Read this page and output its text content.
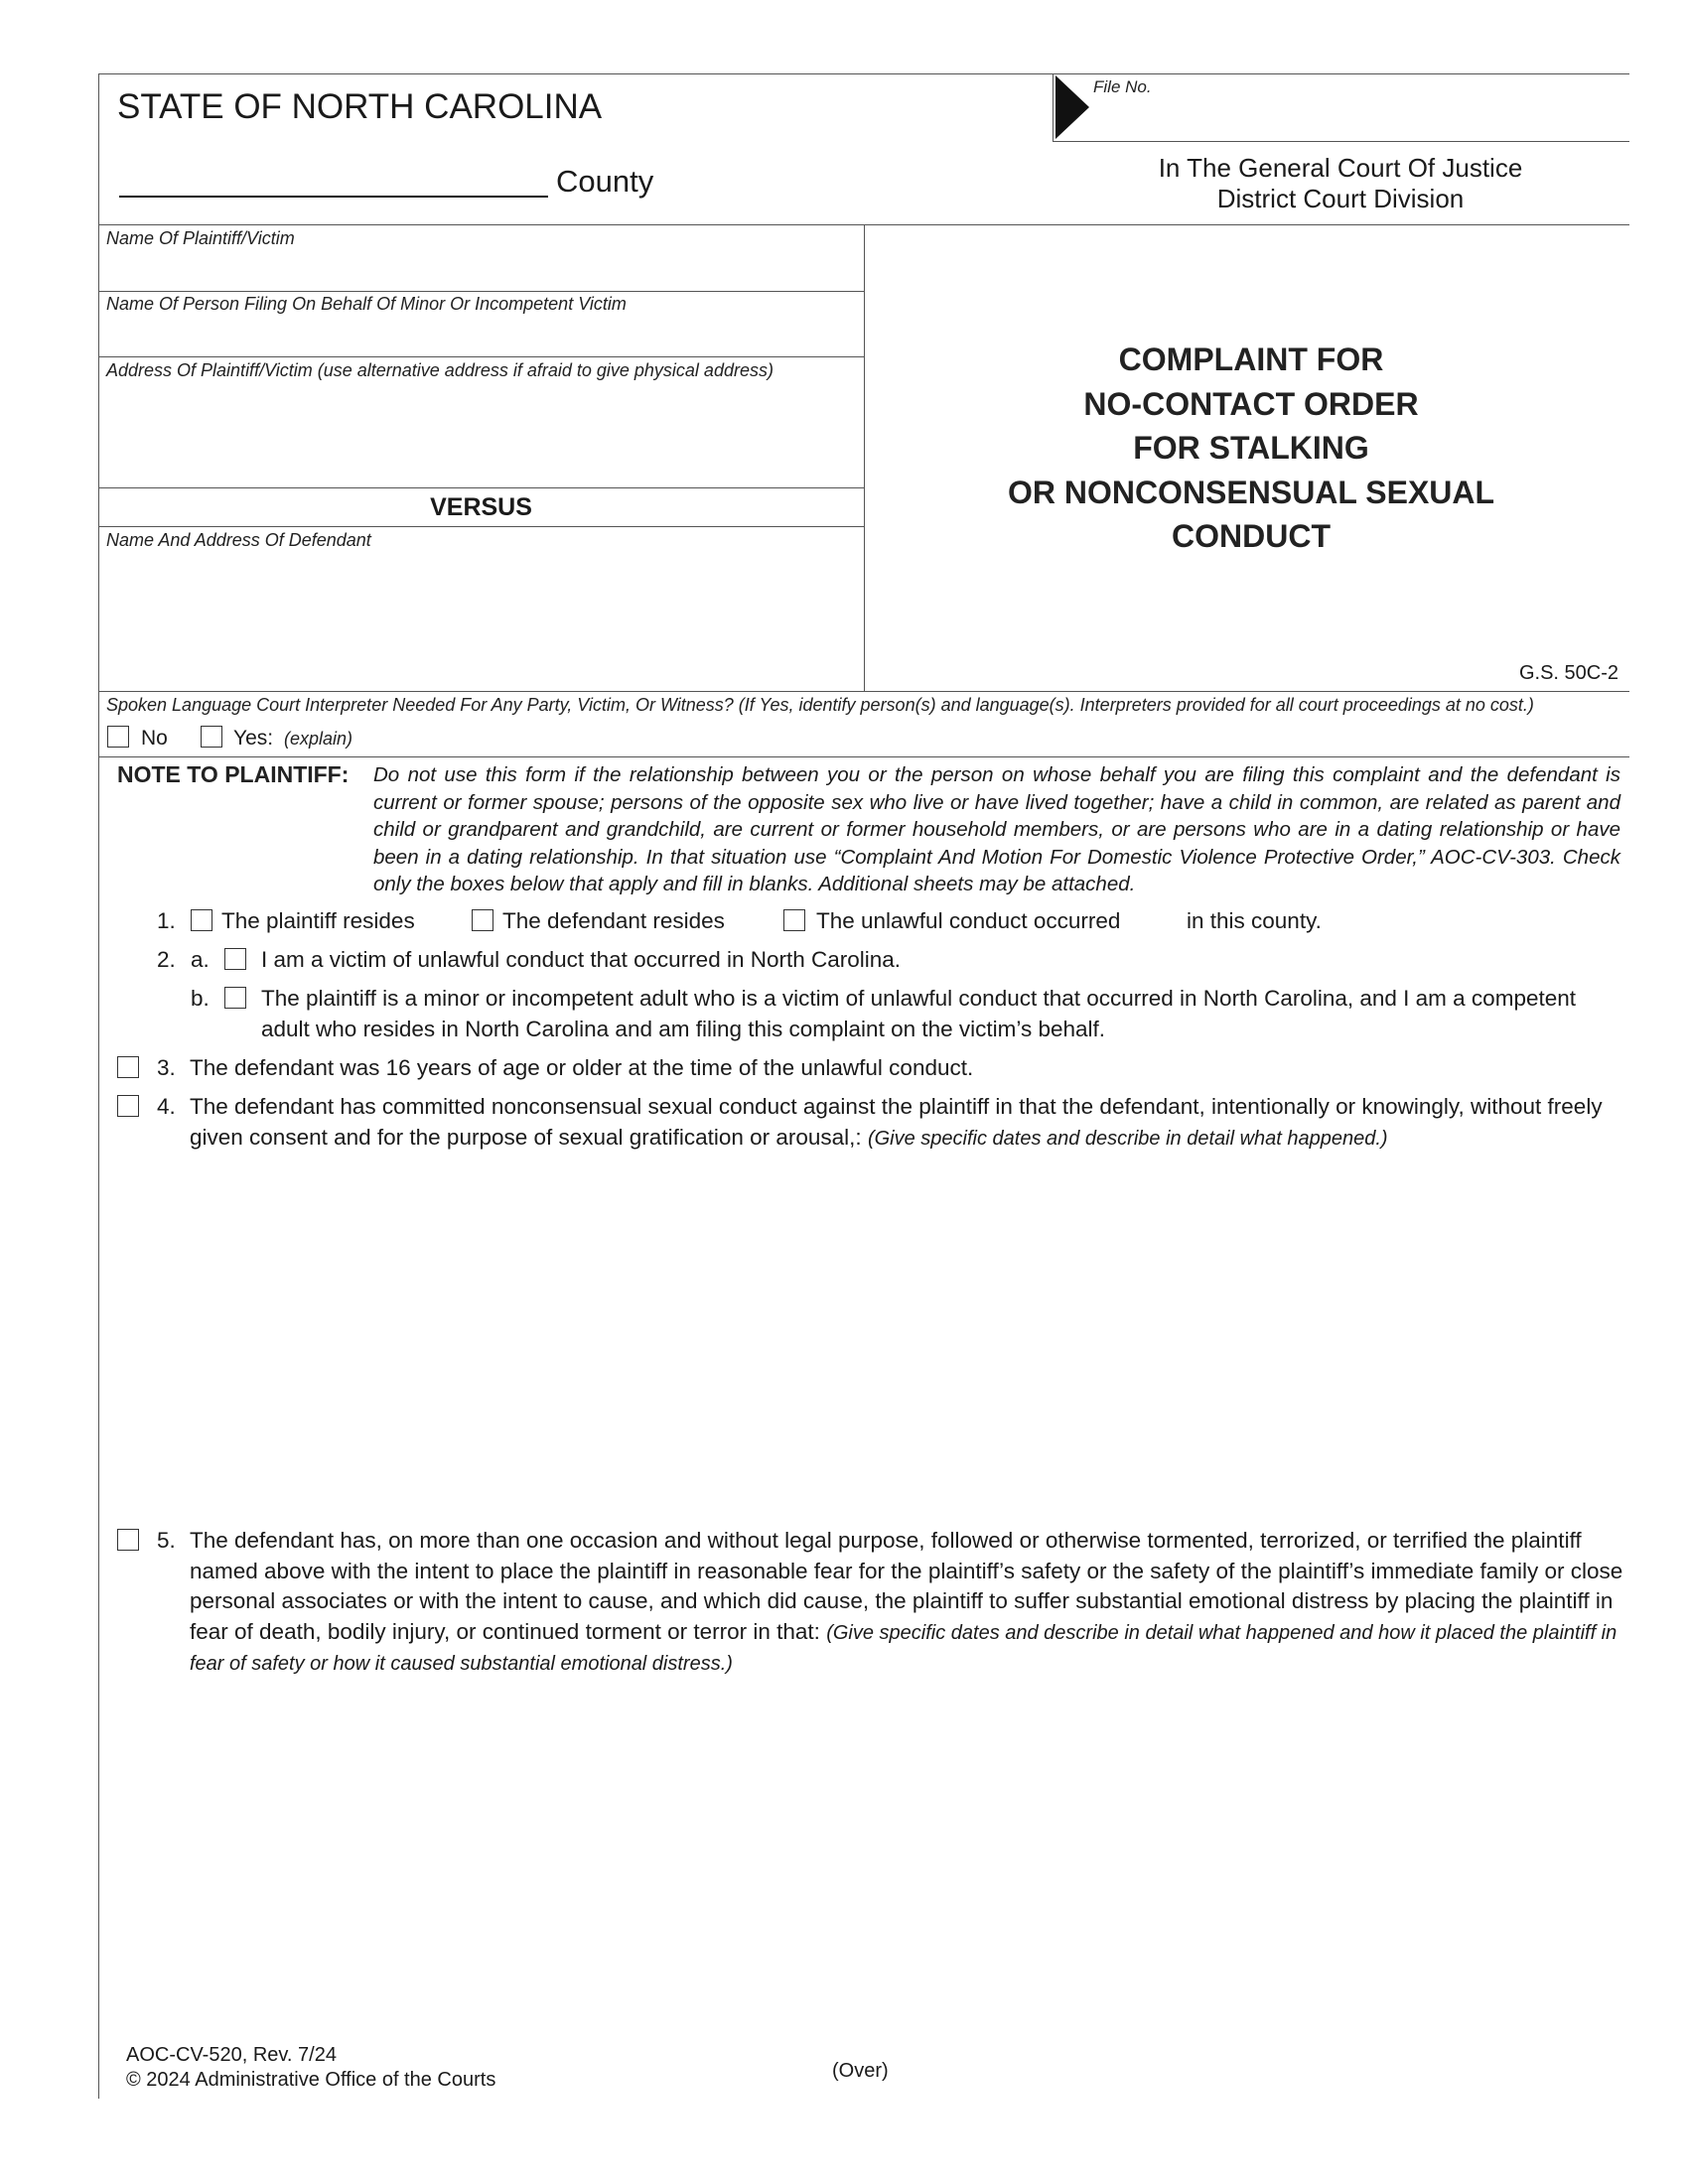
STATE OF NORTH CAROLINA
County
File No.
In The General Court Of Justice
District Court Division
Name Of Plaintiff/Victim
Name Of Person Filing On Behalf Of Minor Or Incompetent Victim
Address Of Plaintiff/Victim (use alternative address if afraid to give physical address)
VERSUS
Name And Address Of Defendant
COMPLAINT FOR
NO-CONTACT ORDER
FOR STALKING
OR NONCONSENSUAL SEXUAL
CONDUCT
G.S. 50C-2
Spoken Language Court Interpreter Needed For Any Party, Victim, Or Witness? (If Yes, identify person(s) and language(s). Interpreters provided for all court proceedings at no cost.)
No	Yes: (explain)
NOTE TO PLAINTIFF: Do not use this form if the relationship between you or the person on whose behalf you are filing this complaint and the defendant is current or former spouse; persons of the opposite sex who live or have lived together; have a child in common, are related as parent and child or grandparent and grandchild, are current or former household members, or are persons who are in a dating relationship or have been in a dating relationship. In that situation use “Complaint And Motion For Domestic Violence Protective Order,” AOC-CV-303. Check only the boxes below that apply and fill in blanks. Additional sheets may be attached.
1. The plaintiff resides	The defendant resides	The unlawful conduct occurred	in this county.
2. a. I am a victim of unlawful conduct that occurred in North Carolina.
b. The plaintiff is a minor or incompetent adult who is a victim of unlawful conduct that occurred in North Carolina, and I am a competent adult who resides in North Carolina and am filing this complaint on the victim’s behalf.
3. The defendant was 16 years of age or older at the time of the unlawful conduct.
4. The defendant has committed nonconsensual sexual conduct against the plaintiff in that the defendant, intentionally or knowingly, without freely given consent and for the purpose of sexual gratification or arousal,: (Give specific dates and describe in detail what happened.)
5. The defendant has, on more than one occasion and without legal purpose, followed or otherwise tormented, terrorized, or terrified the plaintiff named above with the intent to place the plaintiff in reasonable fear for the plaintiff’s safety or the safety of the plaintiff’s immediate family or close personal associates or with the intent to cause, and which did cause, the plaintiff to suffer substantial emotional distress by placing the plaintiff in fear of death, bodily injury, or continued torment or terror in that: (Give specific dates and describe in detail what happened and how it placed the plaintiff in fear of safety or how it caused substantial emotional distress.)
AOC-CV-520, Rev. 7/24
© 2024 Administrative Office of the Courts	(Over)
